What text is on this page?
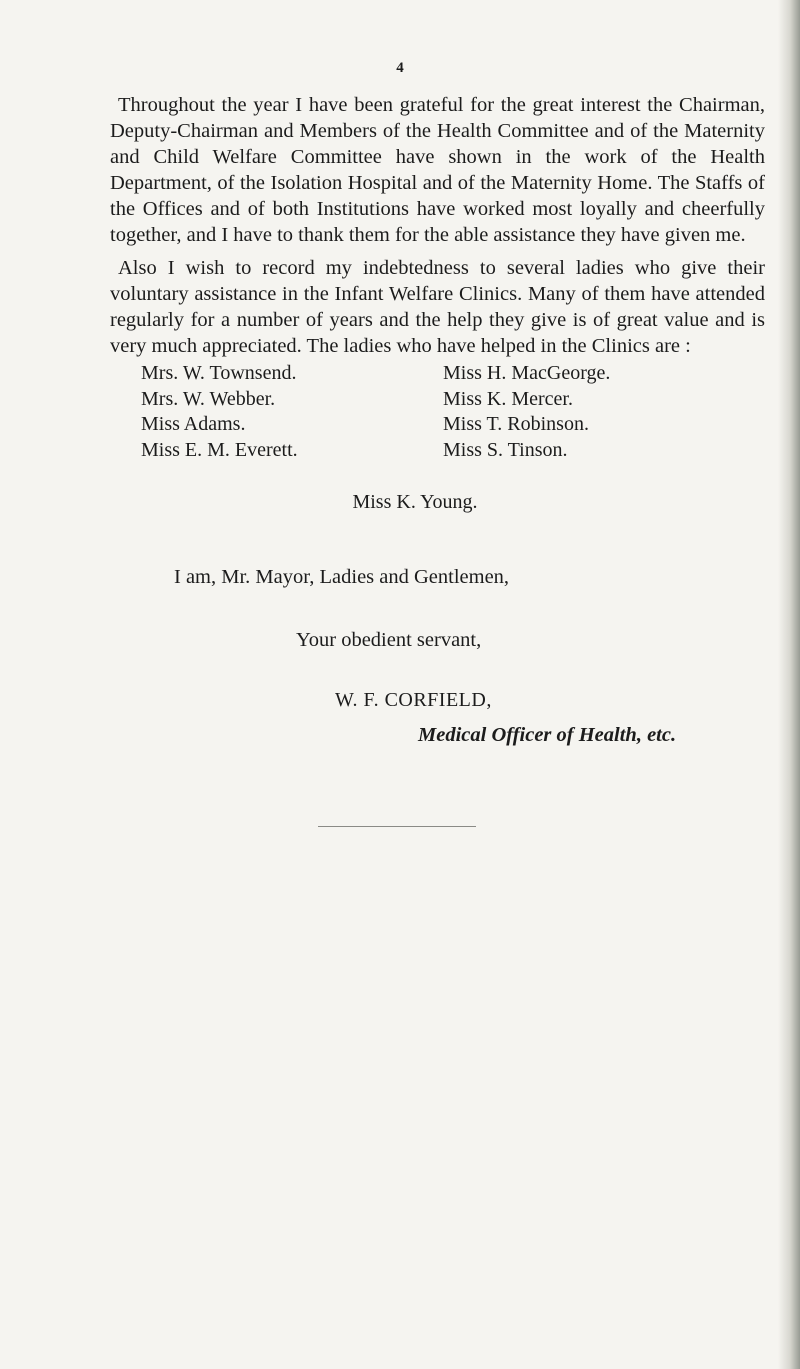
4

Throughout the year I have been grateful for the great interest the Chairman, Deputy-Chairman and Members of the Health Committee and of the Maternity and Child Welfare Committee have shown in the work of the Health Department, of the Isolation Hospital and of the Maternity Home. The Staffs of the Offices and of both Institutions have worked most loyally and cheerfully together, and I have to thank them for the able assistance they have given me.

Also I wish to record my indebtedness to several ladies who give their voluntary assistance in the Infant Welfare Clinics. Many of them have attended regularly for a number of years and the help they give is of great value and is very much appreciated. The ladies who have helped in the Clinics are :

Mrs. W. Townsend.
Mrs. W. Webber.
Miss Adams.
Miss E. M. Everett.
Miss H. MacGeorge.
Miss K. Mercer.
Miss T. Robinson.
Miss S. Tinson.
Miss K. Young.
I am, Mr. Mayor, Ladies and Gentlemen,
Your obedient servant,
W. F. CORFIELD,
Medical Officer of Health, etc.
